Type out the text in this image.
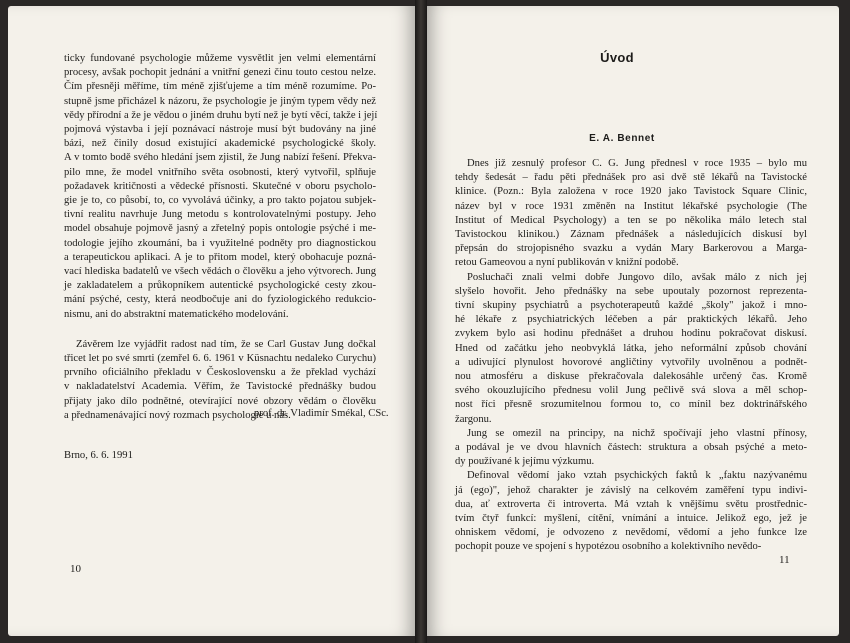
ticky fundované psychologie můžeme vysvětlit jen velmi elementární
procesy, avšak pochopit jednání a vnitřní genezi činu touto cestou nelze.
Čím přesněji měříme, tím méně zjišťujeme a tím méně rozumíme. Po-
stupně jsme přicházel k názoru, že psychologie je jiným typem vědy než
vědy přírodní a že je vědou o jiném druhu bytí než je bytí věcí, takže i její
pojmová výstavba i její poznávací nástroje musí být budovány na jiné
bázi, než činily dosud existující akademické psychologické školy.
A v tomto bodě svého hledání jsem zjistil, že Jung nabízí řešení. Překva-
pilo mne, že model vnitřního světa osobnosti, který vytvořil, splňuje
požadavek kritičnosti a vědecké přísnosti. Skutečné v oboru psycholo-
gie je to, co působí, to, co vyvolává účinky, a pro takto pojatou subjek-
tivní realitu navrhuje Jung metodu s kontrolovatelnými postupy. Jeho
model obsahuje pojmově jasný a zřetelný popis ontologie psýché i me-
todologie jejího zkoumání, ba i využitelné podněty pro diagnostickou
a terapeutickou aplikaci. A je to přitom model, který obohacuje pozná-
vací hlediska badatelů ve všech vědách o člověku a jeho výtvorech. Jung
je zakladatelem a průkopníkem autentické psychologické cesty zkou-
mání psýché, cesty, která neodbočuje ani do fyziologického redukcio-
nismu, ani do abstraktní matematického modelování.

Závěrem lze vyjádřit radost nad tím, že se Carl Gustav Jung dočkal
třicet let po své smrti (zemřel 6. 6. 1961 v Küsnachtu nedaleko Curychu)
prvního oficiálního překladu v Československu a že překlad vychází
v nakladatelství Academia. Věřím, že Tavistocké přednášky budou
přijaty jako dílo podnětné, otevírající nové obzory vědám o člověku
a přednamenávající nový rozmach psychologie u nás.

prof. dr. Vladimír Smékal, CSc.
Brno, 6. 6. 1991
10
Úvod
E. A. Bennet

Dnes již zesnulý profesor C. G. Jung přednesl v roce 1935 – bylo mu
tehdy šedesát – řadu pěti přednášek pro asi dvě stě lékařů na Tavistocké
klinice. (Pozn.: Byla založena v roce 1920 jako Tavistock Square Clinic,
název byl v roce 1931 změněn na Institut lékařské psychologie (The
Institut of Medical Psychology) a ten se po několika málo letech stal
Tavistockou klinikou.) Záznam přednášek a následujících diskusí byl
přepsán do strojopisného svazku a vydán Mary Barkerovou a Marga-
retou Gameovou a nyní publikován v knižní podobě.

Posluchači znali velmi dobře Jungovo dílo, avšak málo z nich jej
slyšelo hovořit. Jeho přednášky na sebe upoutaly pozornost reprezenta-
tivní skupiny psychiatrů a psychoterapeutů každé „školy" jakož i mno-
hé lékaře z psychiatrických léčeben a pár praktických lékařů. Jeho
zvykem bylo asi hodinu přednášet a druhou hodinu pokračovat diskusí.
Hned od začátku jeho neobvyklá látka, jeho neformální způsob chování
a udivující plynulost hovorové angličtiny vytvořily uvolněnou a podnět-
nou atmosféru a diskuse překračovala dalekosáhle určený čas. Kromě
svého okouzlujícího přednesu volil Jung pečlivě svá slova a měl schop-
nost říci přesně srozumitelnou formou to, co mínil bez doktrinářského
žargonu.

Jung se omezil na principy, na nichž spočívají jeho vlastní přínosy,
a podával je ve dvou hlavních částech: struktura a obsah psýché a meto-
dy používané k jejímu výzkumu.

Definoval vědomí jako vztah psychických faktů k „faktu nazývanému
já (ego)", jehož charakter je závislý na celkovém zaměření typu indivi-
dua, ať extroverta či introverta. Má vztah k vnějšímu světu prostřednic-
tvím čtyř funkcí: myšlení, cítění, vnímání a intuice. Jelikož ego, jež je
ohniskem vědomí, je odvozeno z nevědomí, vědomí a jeho funkce lze
pochopit pouze ve spojení s hypotézou osobního a kolektivního nevědo-

11
